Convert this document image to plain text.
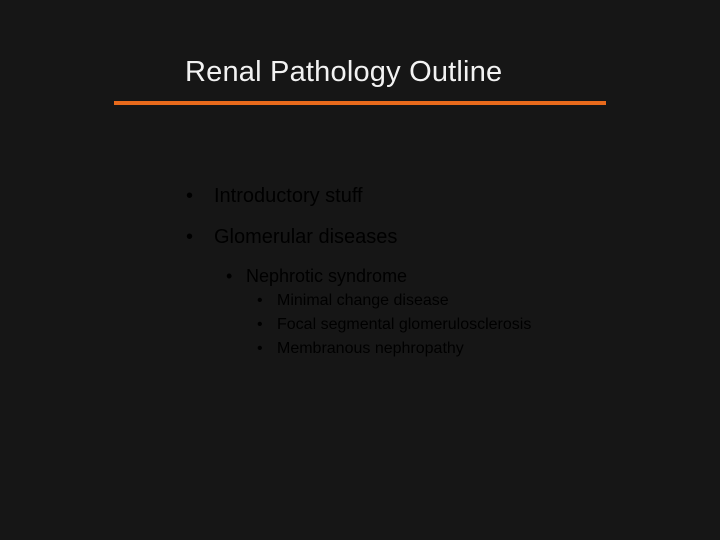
Renal Pathology Outline
• Introductory stuff
• Glomerular diseases
• Nephrotic syndrome
• Minimal change disease
• Focal segmental glomerulosclerosis
• Membranous nephropathy
